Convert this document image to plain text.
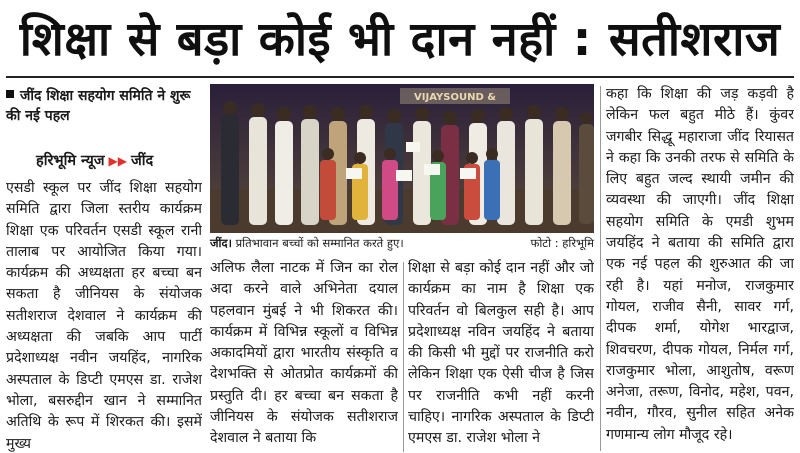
शिक्षा से बड़ा कोई भी दान नहीं : सतीशराज
जींद शिक्षा सहयोग समिति ने शुरू की नई पहल
हरिभूमि न्यूज ▶▶ जींद

एसडी स्कूल पर जींद शिक्षा सहयोग समिति द्वारा जिला स्तरीय कार्यक्रम शिक्षा एक परिवर्तन एसडी स्कूल रानी तालाब पर आयोजित किया गया। कार्यक्रम की अध्यक्षता हर बच्चा बन सकता है जीनियस के संयोजक सतीशराज देशवाल ने कार्यक्रम की अध्यक्षता की जबकि आप पार्टी प्रदेशाध्यक्ष नवीन जयहिंद, नागरिक अस्पताल के डिप्टी एमएस डा. राजेश भोला, बसरुद्दीन खान ने सम्मानित अतिथि के रूप में शिरकत की। इसमें मुख्य

VIJAYSOUND &
जींद। प्रतिभावान बच्चों को सम्मानित करते हुए।	फोटो : हरिभूमि

अलिफ लैला नाटक में जिन का रोल अदा करने वाले अभिनेता दयाल पहलवान मुंबई ने भी शिकरत की। कार्यक्रम में विभिन्न स्कूलों व विभिन्न अकादमियों द्वारा भारतीय संस्कृति व देशभक्ति से ओतप्रोत कार्यक्रमों की प्रस्तुति दी। हर बच्चा बन सकता है जीनियस के संयोजक सतीशराज देशवाल ने बताया कि

शिक्षा से बड़ा कोई दान नहीं और जो कार्यक्रम का नाम है शिक्षा एक परिवर्तन वो बिलकुल सही है। आप प्रदेशाध्यक्ष नविन जयहिंद ने बताया की किसी भी मुद्दों पर राजनीति करो लेकिन शिक्षा एक ऐसी चीज है जिस पर राजनीति कभी नहीं करनी चाहिए। नागरिक अस्पताल के डिप्टी एमएस डा. राजेश भोला ने

कहा कि शिक्षा की जड़ कड़वी है लेकिन फल बहुत मीठे हैं। कुंवर जगबीर सिद्धू महाराजा जींद रियासत ने कहा कि उनकी तरफ से समिति के लिए बहुत जल्द स्थायी जमीन की व्यवस्था की जाएगी। जींद शिक्षा सहयोग समिति के एमडी शुभम जयहिंद ने बताया की समिति द्वारा एक नई पहल की शुरुआत की जा रही है। यहां मनोज, राजकुमार गोयल, राजीव सैनी, सावर गर्ग, दीपक शर्मा, योगेश भारद्वाज, शिवचरण, दीपक गोयल, निर्मल गर्ग, राजकुमार भोला, आशुतोष, वरूण अनेजा, तरूण, विनोद, महेश, पवन, नवीन, गौरव, सुनील सहित अनेक गणमान्य लोग मौजूद रहे।
